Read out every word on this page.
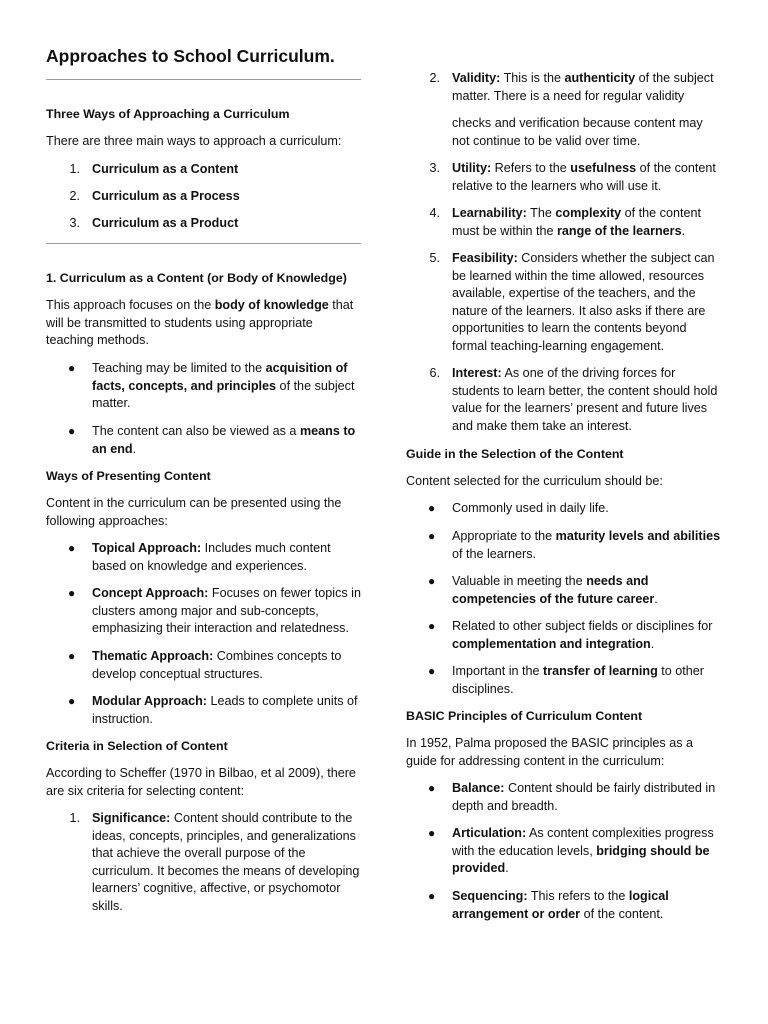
Approaches to School Curriculum.
Three Ways of Approaching a Curriculum
There are three main ways to approach a curriculum:
1. Curriculum as a Content
2. Curriculum as a Process
3. Curriculum as a Product
1. Curriculum as a Content (or Body of Knowledge)
This approach focuses on the body of knowledge that will be transmitted to students using appropriate teaching methods.
● Teaching may be limited to the acquisition of facts, concepts, and principles of the subject matter.
● The content can also be viewed as a means to an end.
Ways of Presenting Content
Content in the curriculum can be presented using the following approaches:
● Topical Approach: Includes much content based on knowledge and experiences.
● Concept Approach: Focuses on fewer topics in clusters among major and sub-concepts, emphasizing their interaction and relatedness.
● Thematic Approach: Combines concepts to develop conceptual structures.
● Modular Approach: Leads to complete units of instruction.
Criteria in Selection of Content
According to Scheffer (1970 in Bilbao, et al 2009), there are six criteria for selecting content:
1. Significance: Content should contribute to the ideas, concepts, principles, and generalizations that achieve the overall purpose of the curriculum. It becomes the means of developing learners’ cognitive, affective, or psychomotor skills.
2. Validity: This is the authenticity of the subject matter. There is a need for regular validity
checks and verification because content may not continue to be valid over time.
3. Utility: Refers to the usefulness of the content relative to the learners who will use it.
4. Learnability: The complexity of the content must be within the range of the learners.
5. Feasibility: Considers whether the subject can be learned within the time allowed, resources available, expertise of the teachers, and the nature of the learners. It also asks if there are opportunities to learn the contents beyond formal teaching-learning engagement.
6. Interest: As one of the driving forces for students to learn better, the content should hold value for the learners’ present and future lives and make them take an interest.
Guide in the Selection of the Content
Content selected for the curriculum should be:
● Commonly used in daily life.
● Appropriate to the maturity levels and abilities of the learners.
● Valuable in meeting the needs and competencies of the future career.
● Related to other subject fields or disciplines for complementation and integration.
● Important in the transfer of learning to other disciplines.
BASIC Principles of Curriculum Content
In 1952, Palma proposed the BASIC principles as a guide for addressing content in the curriculum:
● Balance: Content should be fairly distributed in depth and breadth.
● Articulation: As content complexities progress with the education levels, bridging should be provided.
● Sequencing: This refers to the logical arrangement or order of the content.
